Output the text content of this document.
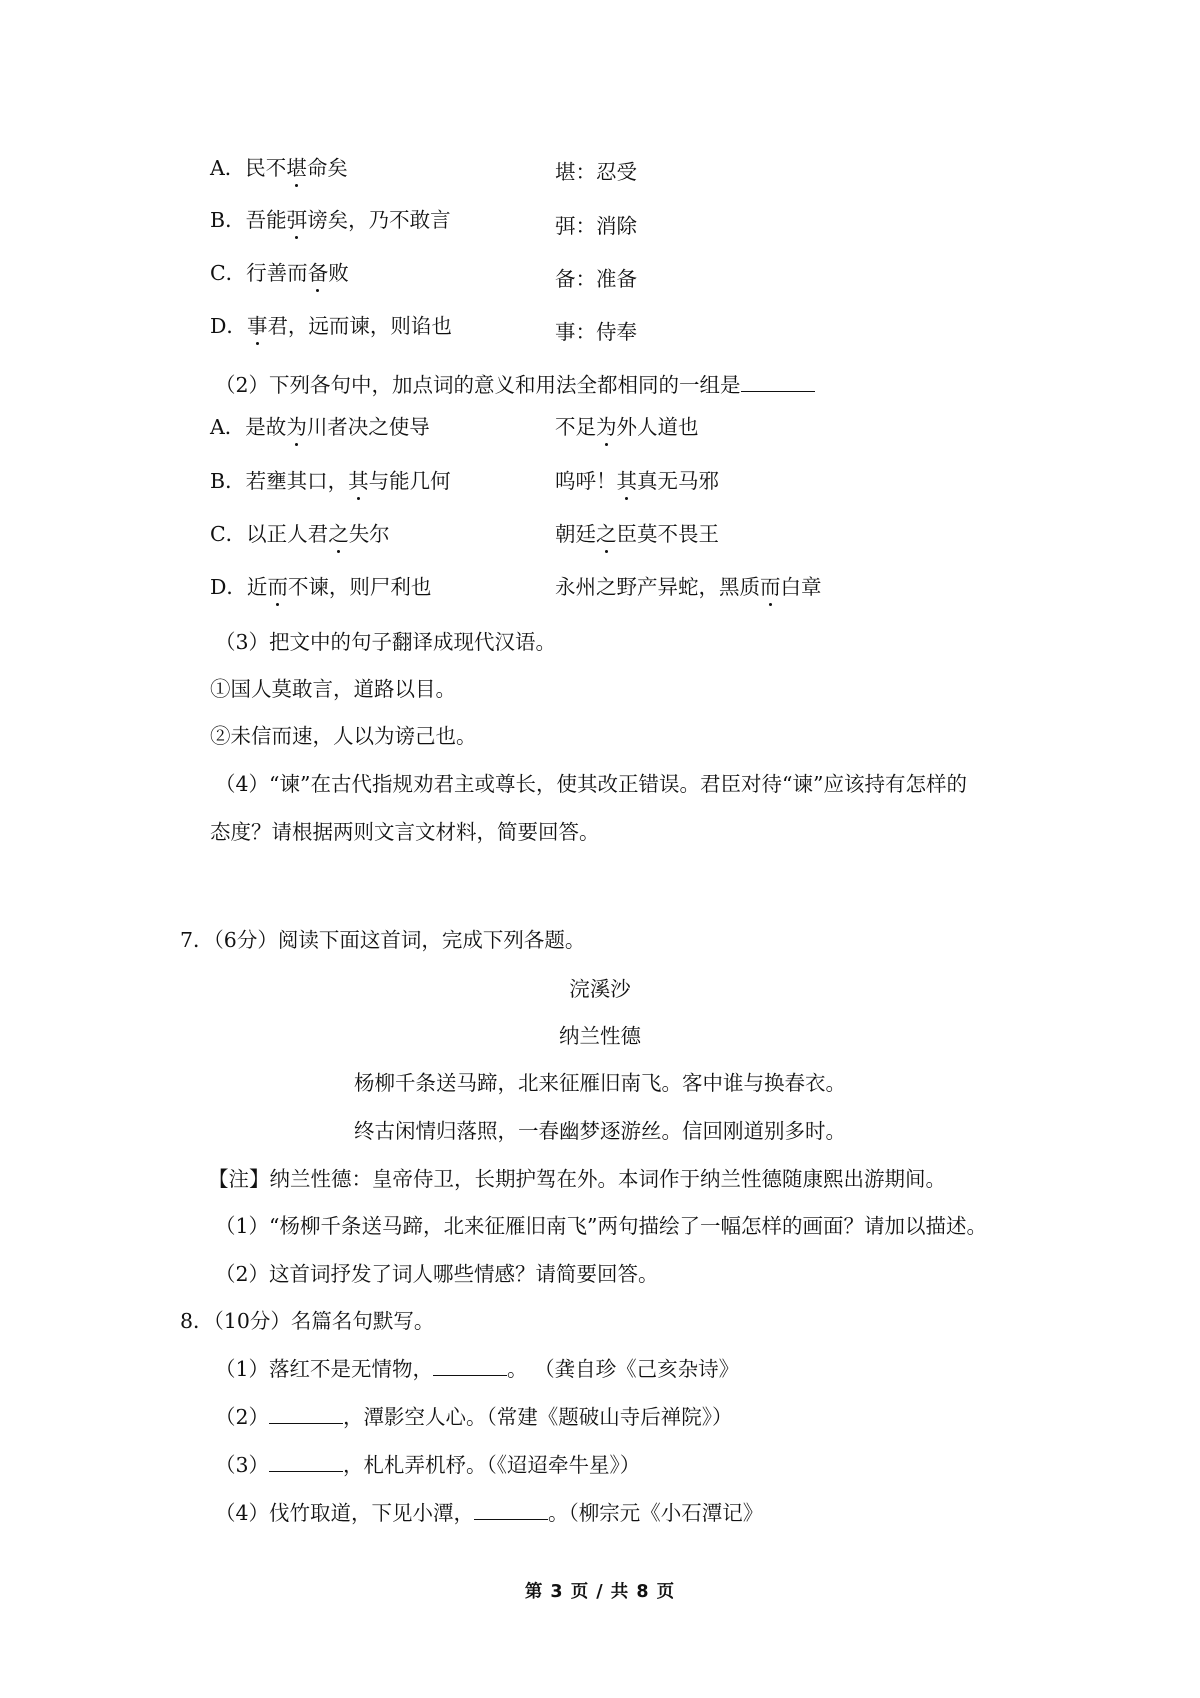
A．民不堪命矣	堪：忍受
B．吾能弭谤矣，乃不敢言	弭：消除
C．行善而备败	备：准备
D．事君，远而谏，则谄也	事：侍奉
（2）下列各句中，加点词的意义和用法全都相同的一组是
A．是故为川者决之使导	不足为外人道也
B．若壅其口，其与能几何	呜呼！其真无马邪
C．以正人君之失尔	朝廷之臣莫不畏王
D．近而不谏，则尸利也	永州之野产异蛇，黑质而白章
（3）把文中的句子翻译成现代汉语。
①国人莫敢言，道路以目。
②未信而速，人以为谤己也。
（4）“谏”在古代指规劝君主或尊长，使其改正错误。君臣对待“谏”应该持有怎样的
态度？请根据两则文言文材料，简要回答。
7．（6分）阅读下面这首词，完成下列各题。
浣溪沙
纳兰性德
杨柳千条送马蹄，北来征雁旧南飞。客中谁与换春衣。
终古闲情归落照，一春幽梦逐游丝。信回刚道别多时。
【注】纳兰性德：皇帝侍卫，长期护驾在外。本词作于纳兰性德随康熙出游期间。
（1）“杨柳千条送马蹄，北来征雁旧南飞”两句描绘了一幅怎样的画面？请加以描述。
（2）这首词抒发了词人哪些情感？请简要回答。
8．（10分）名篇名句默写。
（1）落红不是无情物，	。 （龚自珍《己亥杂诗》
（2）	，潭影空人心。（常建《题破山寺后禅院》）
（3）	，札札弄机杼。（《迢迢牵牛星》）
（4）伐竹取道，下见小潭，	。（柳宗元《小石潭记》
第 3 页 / 共 8 页
